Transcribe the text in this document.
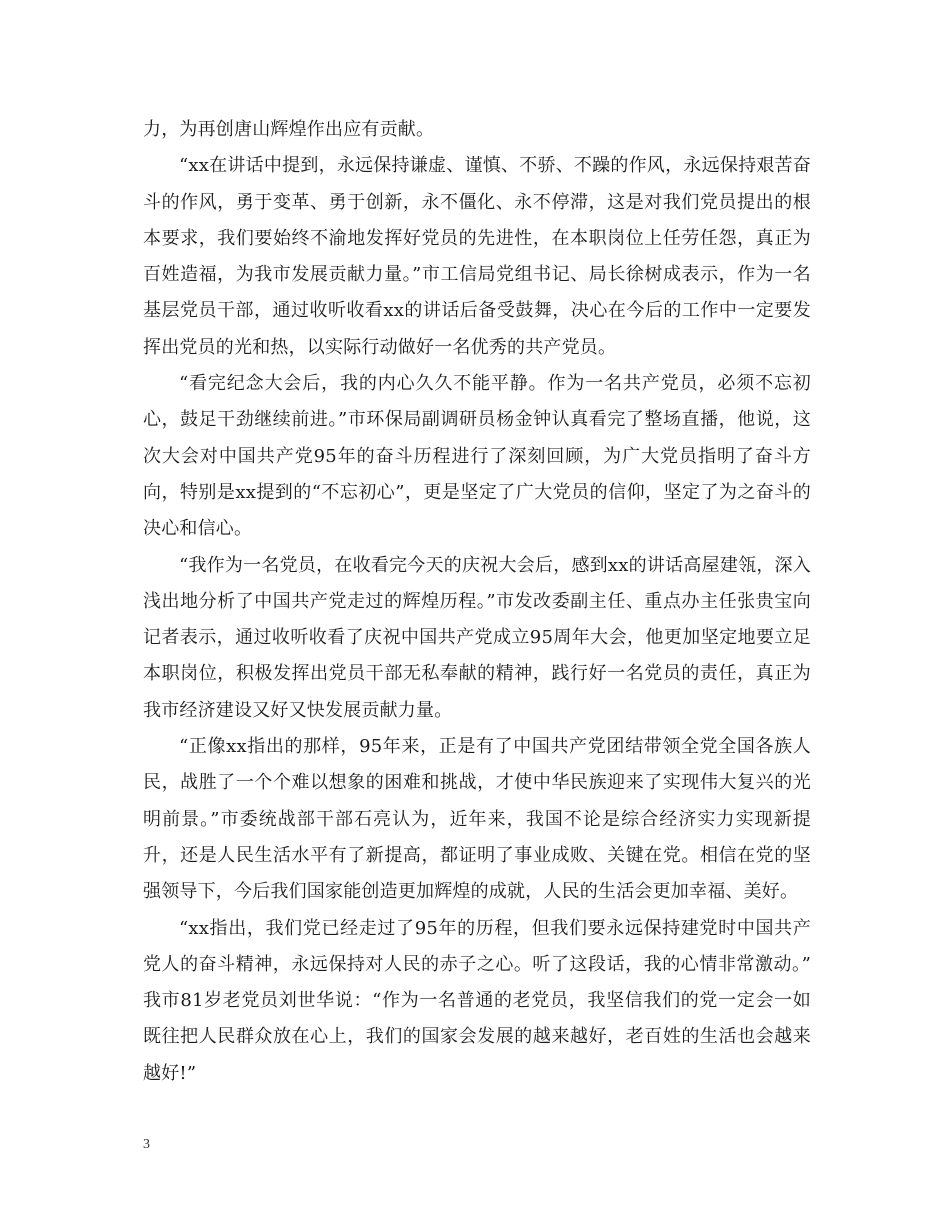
力，为再创唐山辉煌作出应有贡献。

“xx在讲话中提到，永远保持谦虚、谨慎、不骄、不躁的作风，永远保持艰苦奋斗的作风，勇于变革、勇于创新，永不僵化、永不停滞，这是对我们党员提出的根本要求，我们要始终不渝地发挥好党员的先进性，在本职岗位上任劳任怨，真正为百姓造福，为我市发展贡献力量。”市工信局党组书记、局长徐树成表示，作为一名基层党员干部，通过收听收看xx的讲话后备受鼓舞，决心在今后的工作中一定要发挥出党员的光和热，以实际行动做好一名优秀的共产党员。

“看完纪念大会后，我的内心久久不能平静。作为一名共产党员，必须不忘初心，鼓足干劲继续前进。”市环保局副调研员杨金钟认真看完了整场直播，他说，这次大会对中国共产党95年的奋斗历程进行了深刻回顾，为广大党员指明了奋斗方向，特别是xx提到的“不忘初心”，更是坚定了广大党员的信仰，坚定了为之奋斗的决心和信心。

“我作为一名党员，在收看完今天的庆祝大会后，感到xx的讲话高屋建瓴，深入浅出地分析了中国共产党走过的辉煌历程。”市发改委副主任、重点办主任张贵宝向记者表示，通过收听收看了庆祝中国共产党成立95周年大会，他更加坚定地要立足本职岗位，积极发挥出党员干部无私奉献的精神，践行好一名党员的责任，真正为我市经济建设又好又快发展贡献力量。

“正像xx指出的那样，95年来，正是有了中国共产党团结带领全党全国各族人民，战胜了一个个难以想象的困难和挑战，才使中华民族迎来了实现伟大复兴的光明前景。”市委统战部干部石亮认为，近年来，我国不论是综合经济实力实现新提升，还是人民生活水平有了新提高，都证明了事业成败、关键在党。相信在党的坚强领导下，今后我们国家能创造更加辉煌的成就，人民的生活会更加幸福、美好。

“xx指出，我们党已经走过了95年的历程，但我们要永远保持建党时中国共产党人的奋斗精神，永远保持对人民的赤子之心。听了这段话，我的心情非常激动。” 我市81岁老党员刘世华说：“作为一名普通的老党员，我坚信我们的党一定会一如既往把人民群众放在心上，我们的国家会发展的越来越好，老百姓的生活也会越来越好!”

3
